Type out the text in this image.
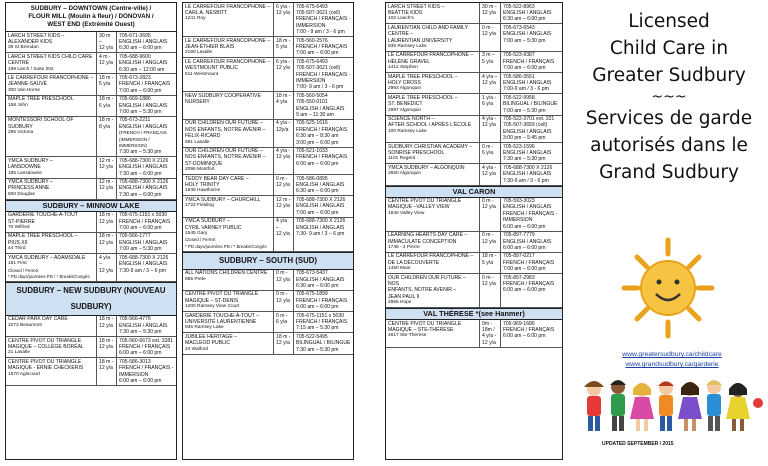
SUDBURY – DOWNTOWN (Centre-ville) /
FLOUR MILL (Moulin à fleur) / DONOVAN /
WEST END (Extrémité Ouest)
LARCH STREET KIDS –
ALEXANDER KIDS
39 St Brendan
30 m –
12 y/a
705-671-3695
ENGLISH / ANGLAIS
6:30 am – 6:00 pm
LARCH STREET KIDS CHILD CARE
CENTRE
199 Larch / Suite 202
4 m -
12 y/a
705-688-9600
ENGLISH / ANGLAIS
6:30 am – 12:00 am
LE CARREFOUR FRANCOPHONE –
JEANNE-SAUVÉ
300 Van Horne
18 m -
5 y/a
705-673-2823
FRENCH / FRANÇAIS
7:00 am – 6:00 pm
MAPLE TREE PRESCHOOL
158 John
18 m -
6 y/a
705-669-1886
ENGLISH / ANGLAIS
7:00 am – 5:30 pm
MONTESSORI SCHOOL OF
SUDBURY
295 Victoria
18 m -
8 y/a
705-673-2211
ENGLISH / ANGLAIS
(FRENCH / FRANÇAIS
(IMMERSION / IMMERSION)
7:30 am – 5:30 pm
YMCA SUDBURY –
LANSDOWNE
185 Lansdowne
12 m -
12 y/a
705-688-7300 X 2126
ENGLISH / ANGLAIS
7:30 am – 6:00 pm
YMCA SUDBURY –
PRINCESS ANNE
500 Douglas
12 m -
12 y/a
705-688-7300 X 2126
ENGLISH / ANGLAIS
7:30 am – 6:00 pm
SUDBURY – MINNOW LAKE
GARDERIE TOUCHE-À-TOUT
ST-PIERRE
70 Wilfred
18 m -
12 y/a
705-675-1151 x 5030
FRENCH / FRANÇAIS
7:00 am – 6:00 pm
MAPLE TREE PRESCHOOL –
PIUS XII
44 Third
18 m -
12 y/a
705-566-1777
ENGLISH / ANGLAIS
7:00 am – 5:30 pm
YMCA SUDBURY – ADAMSDALE
181 First
Closed / Fermé:
* PD days/journées PD / * Breaks/Congés
4 y/a –
12 y/a
705-688-7300 X 2126
ENGLISH / ANGLAIS
7:30-9 am / 3 – 6 pm
SUDBURY – NEW SUDBURY (NOUVEAU SUDBURY)
CEDAR PARK DAY CARE
1073 Beaumont
18 m -
12 y/a
705-566-4776
ENGLISH / ANGLAIS
7:30 am – 5:30 pm
CENTRE PIVOT DU TRIANGLE
MAGIQUE – COLLÈGE BORÉAL
21 Lasalle
18 m -
12 y/a
705-560-6673 ext. 3281
FRENCH / FRANÇAIS
6:00 am – 6:00 pm
CENTRE PIVOT DU TRIANGLE
MAGIQUE - ERNIE CHECKERIS
1570 Agincourt
18 m -
12 y/a
705-586-3013
FRENCH / FRANÇAIS -
IMMERSION
6:00 am – 6:00 pm
LE CARREFOUR FRANCOPHONE –
CARL A. NESBITT
1241 Roy
6 y/a -
12 y/a
705-675-6493
705-507-3621 (cell)
FRENCH / FRANÇAIS -
IMMERSION
7:00 - 9 am / 3 - 6 pm
LE CARREFOUR FRANCOPHONE –
JEAN-ÉTHIER BLAIS
2190 Lasalle
18 m -
5 y/a
705-560-2576
FRENCH / FRANÇAIS
7:00 am – 6:00 pm
LE CARREFOUR FRANCOPHONE –
WESTMOUNT PUBLIC
511 Westmount
6 y/a -
12 y/a
705-675-6493
705-507-3621 (cell)
FRENCH / FRANÇAIS -
IMMERSION
7:00- 9 am / 3 - 6 pm
NEW SUDBURY COOPERATIVE
NURSERY
18 m -
4 y/a
705-560-5054
705-550-0101
ENGLISH / ANGLAIS
9 am – 11:30 am
OUR CHILDREN OUR FUTURE –
NOS ENFANTS, NOTRE AVENIR –
FÉLIX-RICARD
691 Lasalle
4 y/a -
12y/a
705-525-1616
FRENCH / FRANÇAIS
6:30 am – 8:30 am
3:00 pm – 6:00 pm
OUR CHILDREN OUR FUTURE –
NOS ENFANTS, NOTRE AVENIR –
ST-DOMINIQUE
2096 Montfort
4 y/a -
12 y/a
705-521-1033
FRENCH / FRANÇAIS
6:00 am – 6:00 pm
TEDDY BEAR DAY CARE –
HOLY TRINITY
1945 Hawthorne
0 m -
12 y/a
705-586-0895
ENGLISH / ANGLAIS
6:30 am – 6:00 pm
YMCA SUDBURY – CHURCHILL
1722 Fielding
12 m -
12 y/a
705-688-7300 X 2126
ENGLISH / ANGLAIS
7:00 am – 6:00 pm
YMCA SUDBURY –
CYRIL VARNEY PUBLIC
1545 Gary
Closed / Fermé:
* PD days/journées PD / * Breaks/Congés
4 y/a –
12 y/a
705-688-7300 X 2126
ENGLISH / ANGLAIS
7:30- 9 am / 3 – 6 pm
SUDBURY – SOUTH (SUD)
ALL NATIONS CHILDREN CENTRE
885 Prete
0 m -
12 y/a
705-673-5437
ENGLISH / ANGLAIS
6:30 am – 6:00 pm
CENTRE PIVOT DU TRIANGLE
MAGIQUE – ST-DENIS
1200 Ramsey View Court
0 m -
12 y/a
705-675-1899
FRENCH / FRANÇAIS
6:00 am – 6:00 pm
GARDERIE TOUCHE-À-TOUT –
UNIVERSITÉ LAURENTIENNE
935 Ramsey Lake
0 m -
6 y/a
705-675-1151 x 5030
FRENCH / FRANÇAIS
7:15 am – 5:30 pm
JUBILEE HERITAGE –
MACLEOD PUBLIC
24 Walford
18 m -
12 y/a
705-522-5495
BILINGUAL / BILINGUE
7:30 am – 5:30 pm
LARCH STREET KIDS –
BEATTIE KIDS
102 Loach's
30 m -
12 y/a
705-522-8963
ENGLISH / ANGLAIS
6:30 am – 6:00 pm
LAURENTIAN CHILD AND FAMILY
CENTRE –
LAURENTIAN UNIVERSITY
935 Ramsey Lake
0 m -
12 y/a
705-673-6543
ENGLISH / ANGLAIS
7:00 am – 5:30 pm
LE CARREFOUR FRANCOPHONE –
HÉLÈNE GRAVEL
1412 Stephen
3 m –
5 y/a
705-523-9387
FRENCH / FRANÇAIS
7:00 am – 6:00 pm
MAPLE TREE PRESCHOOL –
HOLY CROSS
2993 Algonquin
4 y/a –
12 y/a
705-586-3551
ENGLISH / ANGLAIS
7:00-9 am / 3 - 6 pm
MAPLE TREE PRESCHOOL –
ST. BENEDICT
2997 Algonquin
1 y/a -
6 y/a
705-522-9958
BILINGUAL / BILINGUE
7:00 am – 5:30 pm
SCIENCE NORTH –
AFTER SCHOOL / APRÈS L'ÉCOLE
100 Ramsey Lake
4 y/a -
12 y/a
705-522-3701 ext. 321
705-507-3659 (cell)
ENGLISH / ANGLAIS
3:00 pm – 5:45 pm
SUDBURY CHRISTIAN ACADEMY –
SONRISE PRESCHOOL
1101 Regent
0 m -
6 y/a
705-523-1596
ENGLISH / ANGLAIS
7:30 am – 5:30 pm
YMCA SUDBURY – ALGONQUIN
2650 Algonquin
4 y/a -
12 y/a
705-688-7300 X 2126
ENGLISH / ANGLAIS
7:30-9 am / 3 - 6 pm
VAL CARON
CENTRE PIVOT DU TRIANGLE
MAGIQUE –VALLEY VIEW
1840 Valley View
0 m -
12 y/a
705-593-3023
ENGLISH / ANGLAIS
FRENCH / FRANÇAIS -
IMMERSION
6:00 am – 6:00 pm
LEARNING HEARTS DAY CARE –
IMMACULATE CONCEPTION
1748 - 2 Pierre
0 m -
12 y/a
705-897-7779
ENGLISH / ANGLAIS
6:00 am – 6:00 pm
LE CARREFOUR FRANCOPHONE –
DE LA DÉCOUVERTE
1450 Main
18 m -
5 y/a
705-897-0217
FRENCH / FRANÇAIS
7:00 am – 6:00 pm
OUR CHILDREN OUR FUTURE – NOS
ENFANTS, NOTRE AVENIR –
JEAN PAUL II
2965 Hope
0 m -
12 y/a
705-897-2983
FRENCH / FRANÇAIS
6:00 am – 6:00 pm
VAL THÉRESE *(see Hanmer)
CENTRE PIVOT DU TRIANGLE
MAGIQUE – STE-THÉRÈSE
4617 Ste-Thérèse
0m -
18m /
4 y/a -
12 y/a
705-969-1686
FRENCH / FRANÇAIS
6:00 am – 6:00 pm
Licensed
Child Care in
Greater Sudbury
~~~
Services de garde
autorisés dans le
Grand Sudbury
www.greatersudbury.ca/childcare
www.grandsudbury.ca/garderie
UPDATED SEPTEMBER / 2015
